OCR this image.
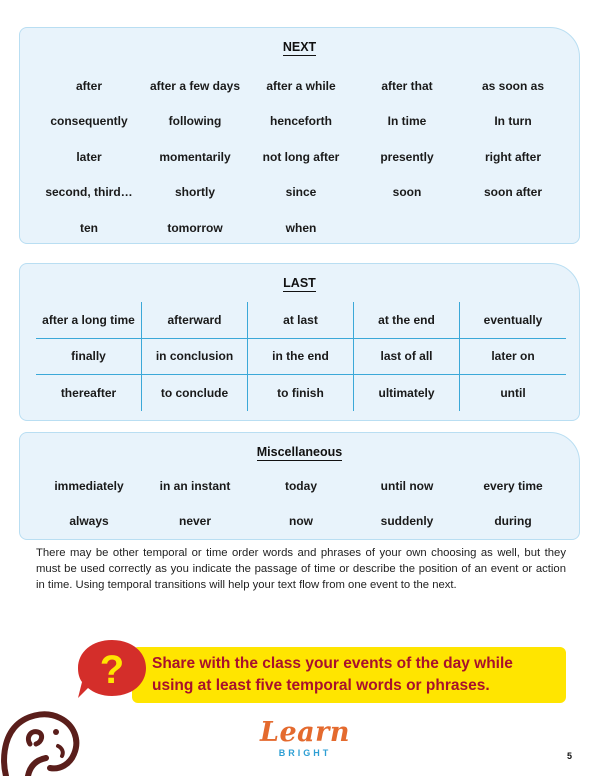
NEXT
after	after a few days	after a while	after that	as soon as
consequently	following	henceforth	In time	In turn
later	momentarily	not long after	presently	right after
second, third…	shortly	since	soon	soon after
ten	tomorrow	when
LAST
after a long time	afterward	at last	at the end	eventually
finally	in conclusion	in the end	last of all	later on
thereafter	to conclude	to finish	ultimately	until
Miscellaneous
immediately	in an instant	today	until now	every time
always	never	now	suddenly	during
There may be other temporal or time order words and phrases of your own choosing as well, but they must be used correctly as you indicate the passage of time or describe the position of an event or action in time. Using temporal transitions will help your text flow from one event to the next.
Share with the class your events of the day while
using at least five temporal words or phrases.
?
Learn
BRIGHT	5
